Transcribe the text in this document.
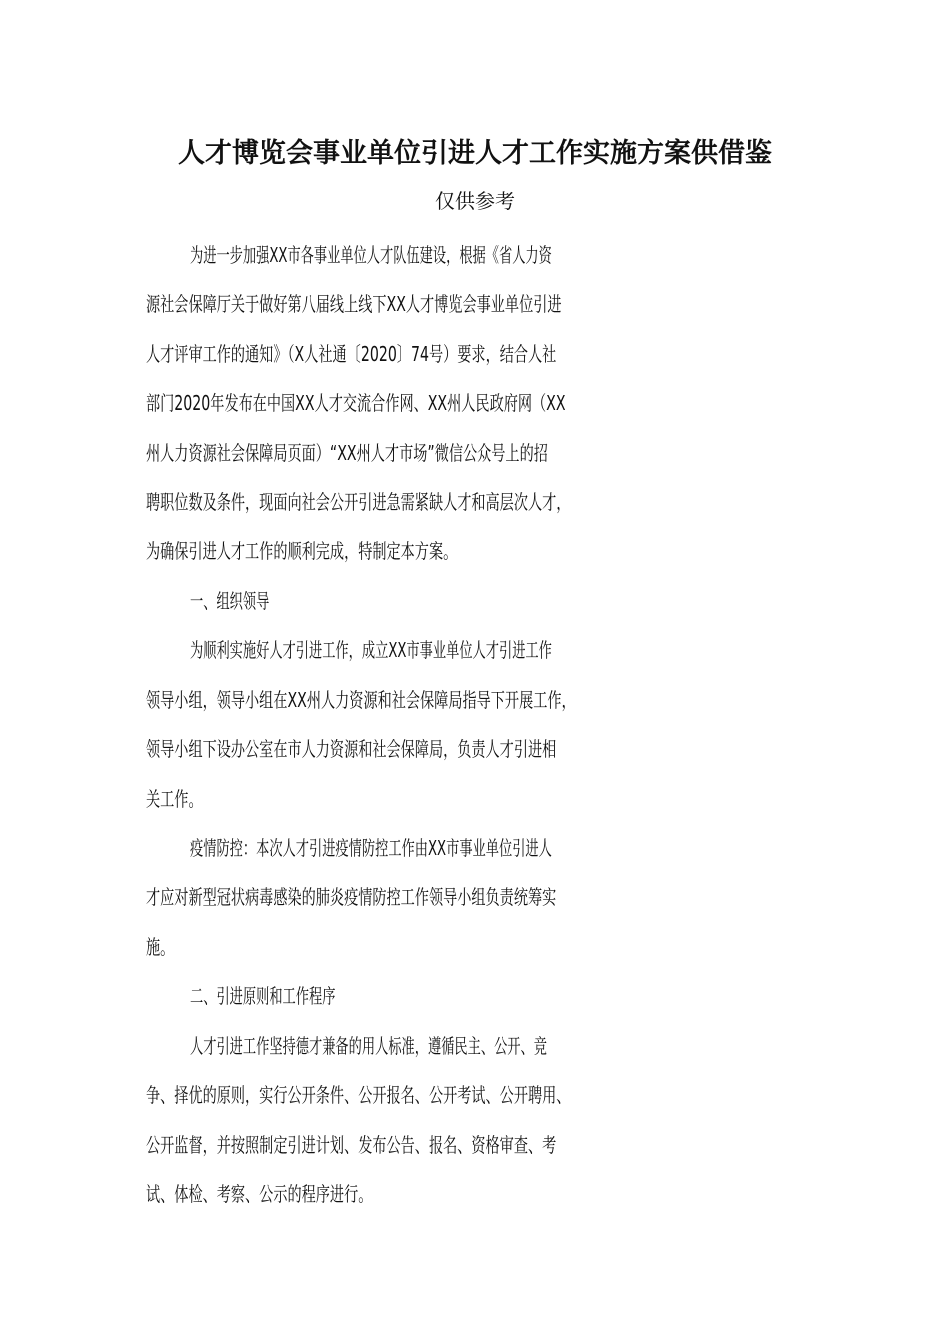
人才博览会事业单位引进人才工作实施方案供借鉴
仅供参考
为进一步加强XX市各事业单位人才队伍建设，根据《省人力资
源社会保障厅关于做好第八届线上线下XX人才博览会事业单位引进
人才评审工作的通知》（X人社通〔2020〕74号）要求，结合人社
部门2020年发布在中国XX人才交流合作网、XX州人民政府网（XX
州人力资源社会保障局页面）“XX州人才市场”微信公众号上的招
聘职位数及条件，现面向社会公开引进急需紧缺人才和高层次人才，
为确保引进人才工作的顺利完成，特制定本方案。
一、组织领导
为顺利实施好人才引进工作，成立XX市事业单位人才引进工作
领导小组，领导小组在XX州人力资源和社会保障局指导下开展工作，
领导小组下设办公室在市人力资源和社会保障局，负责人才引进相
关工作。
疫情防控：本次人才引进疫情防控工作由XX市事业单位引进人
才应对新型冠状病毒感染的肺炎疫情防控工作领导小组负责统筹实
施。
二、引进原则和工作程序
人才引进工作坚持德才兼备的用人标准，遵循民主、公开、竞
争、择优的原则，实行公开条件、公开报名、公开考试、公开聘用、
公开监督，并按照制定引进计划、发布公告、报名、资格审查、考
试、体检、考察、公示的程序进行。
